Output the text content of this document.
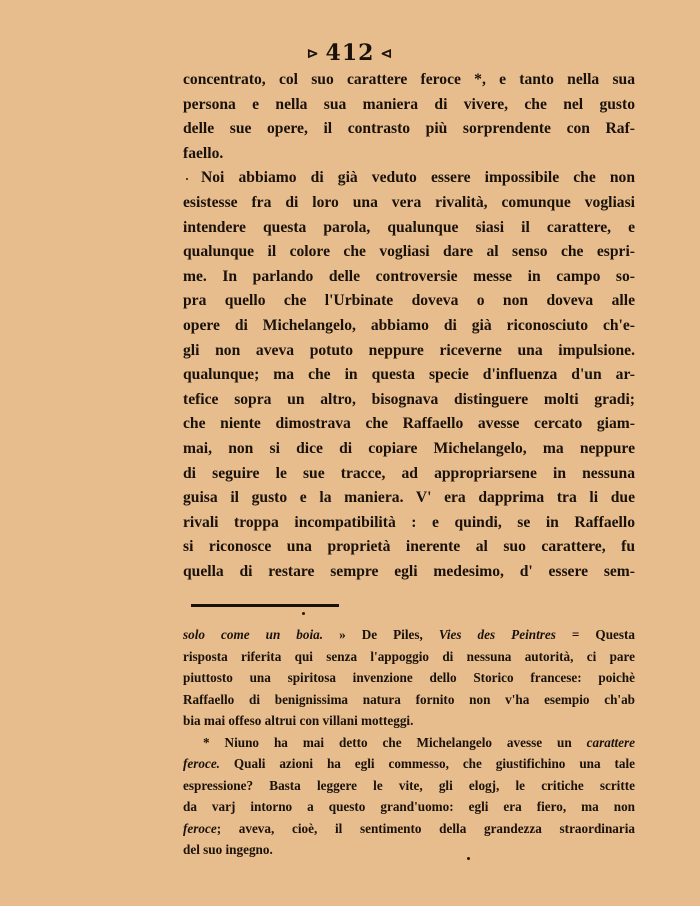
⊳ 412 ⊲
concentrato, col suo carattere feroce *, e tanto nella sua
persona e nella sua maniera di vivere, che nel gusto
delle sue opere, il contrasto più sorprendente con Raf-
faello.
Noi abbiamo di già veduto essere impossibile che non
esistesse fra di loro una vera rivalità, comunque vogliasi
intendere questa parola, qualunque siasi il carattere, e
qualunque il colore che vogliasi dare al senso che espri-
me. In parlando delle controversie messe in campo so-
pra quello che l'Urbinate doveva o non doveva alle
opere di Michelangelo, abbiamo di già riconosciuto ch'e-
gli non aveva potuto neppure riceverne una impulsione.
qualunque; ma che in questa specie d'influenza d'un ar-
tefice sopra un altro, bisognava distinguere molti gradi;
che niente dimostrava che Raffaello avesse cercato giam-
mai, non si dice di copiare Michelangelo, ma neppure
di seguire le sue tracce, ad appropriarsene in nessuna
guisa il gusto e la maniera. V' era dapprima tra li due
rivali troppa incompatibilità : e quindi, se in Raffaello
si riconosce una proprietà inerente al suo carattere, fu
quella di restare sempre egli medesimo, d' essere sem-
solo come un boia. » De Piles, Vies des Peintres = Questa
risposta riferita qui senza l'appoggio di nessuna autorità, ci pare
piuttosto una spiritosa invenzione dello Storico francese: poichè
Raffaello di benignissima natura fornito non v'ha esempio ch'ab
bia mai offeso altrui con villani motteggi.
* Niuno ha mai detto che Michelangelo avesse un carattere
feroce. Quali azioni ha egli commesso, che giustifichino una tale
espressione? Basta leggere le vite, gli elogj, le critiche scritte
da varj intorno a questo grand'uomo: egli era fiero, ma non
feroce; aveva, cioè, il sentimento della grandezza straordinaria
del suo ingegno.
